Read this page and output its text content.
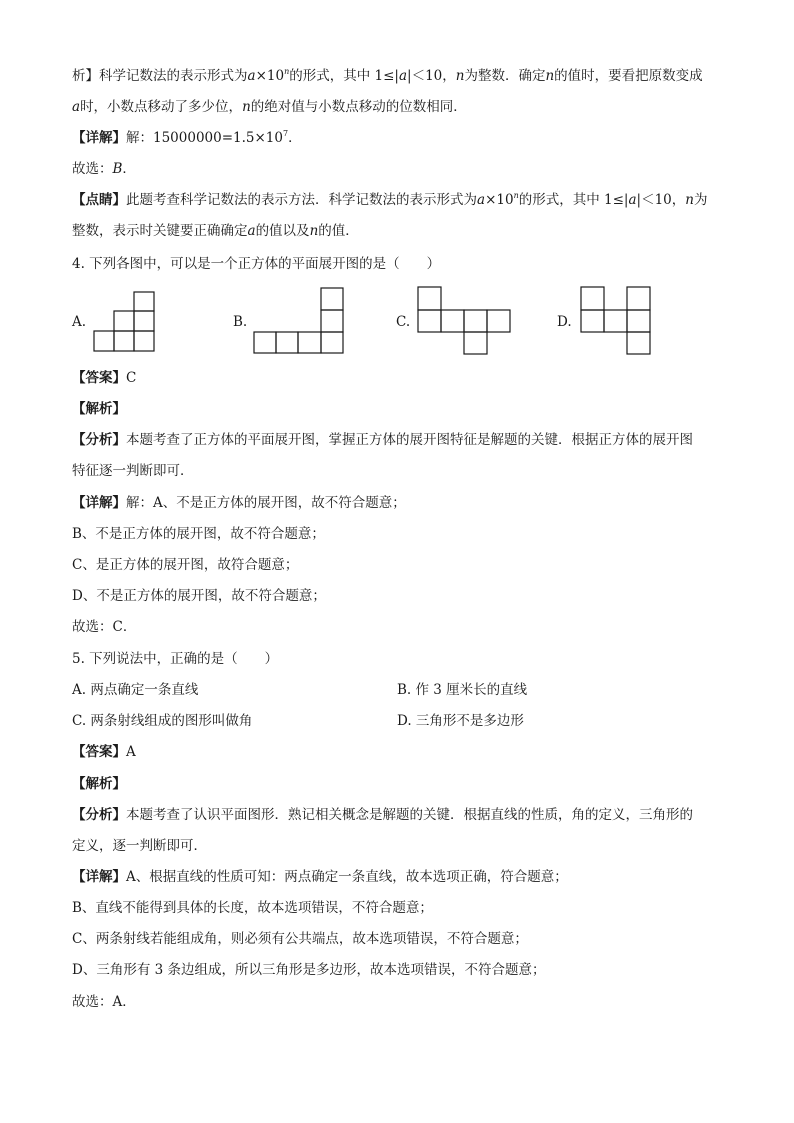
析】科学记数法的表示形式为$a\times 10^n$的形式，其中 1≤|a|＜10，n为整数．确定n的值时，要看把原数变成
a时，小数点移动了多少位，n的绝对值与小数点移动的位数相同．
【详解】解：$15000000=1.5\times 10^7$．
故选：B．
【点睛】此题考查科学记数法的表示方法．科学记数法的表示形式为$a\times 10^n$的形式，其中 1≤|a|＜10，n为
整数，表示时关键要正确确定a的值以及n的值．
4. 下列各图中，可以是一个正方体的平面展开图的是（　　）
A.	B.	C.	D.
【答案】C
【解析】
【分析】本题考查了正方体的平面展开图，掌握正方体的展开图特征是解题的关键．根据正方体的展开图
特征逐一判断即可．
【详解】解：A、不是正方体的展开图，故不符合题意；
B、不是正方体的展开图，故不符合题意；
C、是正方体的展开图，故符合题意；
D、不是正方体的展开图，故不符合题意；
故选：C．
5. 下列说法中，正确的是（　　）
A. 两点确定一条直线	B. 作 3 厘米长的直线
C. 两条射线组成的图形叫做角	D. 三角形不是多边形
【答案】A
【解析】
【分析】本题考查了认识平面图形．熟记相关概念是解题的关键．根据直线的性质，角的定义，三角形的
定义，逐一判断即可．
【详解】A、根据直线的性质可知：两点确定一条直线，故本选项正确，符合题意；
B、直线不能得到具体的长度，故本选项错误，不符合题意；
C、两条射线若能组成角，则必须有公共端点，故本选项错误，不符合题意；
D、三角形有 3 条边组成，所以三角形是多边形，故本选项错误，不符合题意；
故选：A．
